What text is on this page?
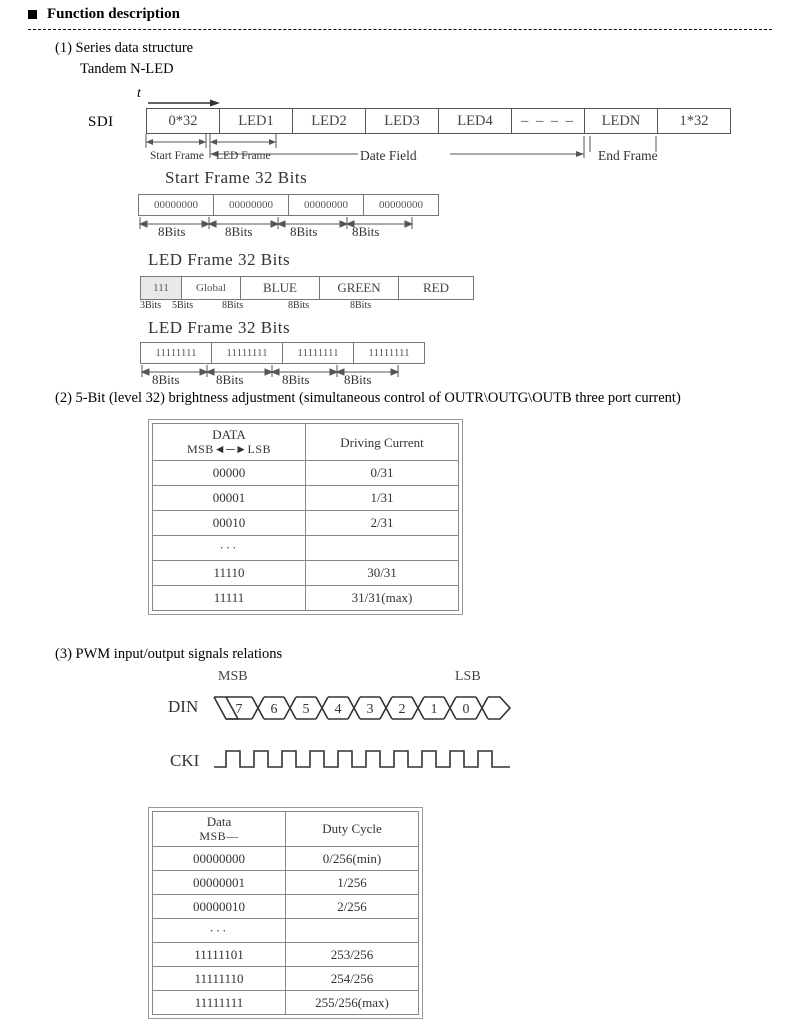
Function description
(1) Series data structure
Tandem N-LED
t
SDI	0*32	LED1	LED2	LED3	LED4	– – – –	LEDN	1*32
Start Frame LED Frame	Date Field	End Frame
Start Frame 32 Bits
00000000	00000000	00000000	00000000
8Bits	8Bits	8Bits	8Bits
LED Frame 32 Bits
111	Global	BLUE	GREEN	RED
3Bits 5Bits	8Bits	8Bits	8Bits
LED Frame 32 Bits
11111111	11111111	11111111	11111111
8Bits	8Bits	8Bits	8Bits
(2) 5-Bit (level 32) brightness adjustment (simultaneous control of OUTR\OUTG\OUTB three port current)
DATA
MSB◄─►LSB	Driving Current
00000	0/31
00001	1/31
00010	2/31
···	
11110	30/31
11111	31/31(max)
(3) PWM input/output signals relations
MSB	LSB
DIN
CKI
7 6 5 4 3 2 1 0
Data
MSB—	Duty Cycle
00000000	0/256(min)
00000001	1/256
00000010	2/256
···	
11111101	253/256
11111110	254/256
11111111	255/256(max)
